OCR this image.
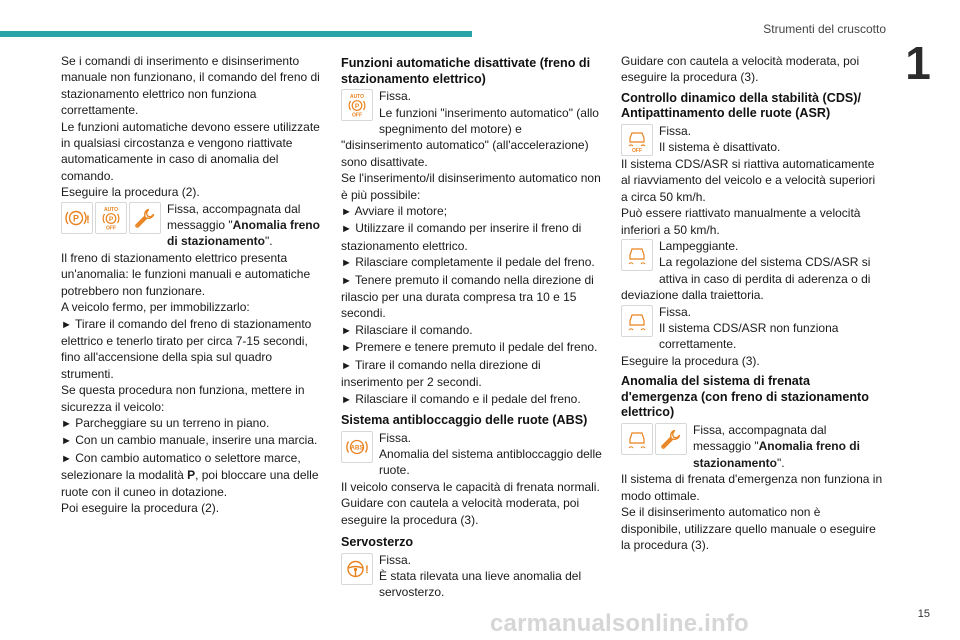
Strumenti del cruscotto
1

Se i comandi di inserimento e disinserimento manuale non funzionano, il comando del freno di stazionamento elettrico non funziona correttamente.

Le funzioni automatiche devono essere utilizzate in qualsiasi circostanza e vengono riattivate automaticamente in caso di anomalia del comando.

Eseguire la procedura (2).

P !
AUTO
P
OFF

Fissa, accompagnata dal messaggio "Anomalia freno di stazionamento".

Il freno di stazionamento elettrico presenta un'anomalia: le funzioni manuali e automatiche potrebbero non funzionare.

A veicolo fermo, per immobilizzarlo:

► Tirare il comando del freno di stazionamento elettrico e tenerlo tirato per circa 7-15 secondi, fino all'accensione della spia sul quadro strumenti.

Se questa procedura non funziona, mettere in sicurezza il veicolo:

► Parcheggiare su un terreno in piano.

► Con un cambio manuale, inserire una marcia.

► Con cambio automatico o selettore marce, selezionare la modalità P, poi bloccare una delle ruote con il cuneo in dotazione.

Poi eseguire la procedura (2).

Funzioni automatiche disattivate (freno di stazionamento elettrico)
AUTO
P
OFF

Fissa.

Le funzioni "inserimento automatico" (allo spegnimento del motore) e "disinserimento automatico" (all'accelerazione) sono disattivate.

Se l'inserimento/il disinserimento automatico non è più possibile:

► Avviare il motore;

► Utilizzare il comando per inserire il freno di stazionamento elettrico.

► Rilasciare completamente il pedale del freno.

► Tenere premuto il comando nella direzione di rilascio per una durata compresa tra 10 e 15 secondi.

► Rilasciare il comando.

► Premere e tenere premuto il pedale del freno.

► Tirare il comando nella direzione di inserimento per 2 secondi.

► Rilasciare il comando e il pedale del freno.

Sistema antibloccaggio delle ruote (ABS)
ABS

Fissa.

Anomalia del sistema antibloccaggio delle ruote.

Il veicolo conserva le capacità di frenata normali.

Guidare con cautela a velocità moderata, poi eseguire la procedura (3).

Servosterzo
!

Fissa.

È stata rilevata una lieve anomalia del servosterzo.

Guidare con cautela a velocità moderata, poi eseguire la procedura (3).

Controllo dinamico della stabilità (CDS)/ Antipattinamento delle ruote (ASR)
OFF

Fissa.

Il sistema è disattivato.

Il sistema CDS/ASR si riattiva automaticamente al riavviamento del veicolo e a velocità superiori a circa 50 km/h.

Può essere riattivato manualmente a velocità inferiori a 50 km/h.

Lampeggiante.

La regolazione del sistema CDS/ASR si attiva in caso di perdita di aderenza o di deviazione dalla traiettoria.

Fissa.

Il sistema CDS/ASR non funziona correttamente.

Eseguire la procedura (3).

Anomalia del sistema di frenata d'emergenza (con freno di stazionamento elettrico)

Fissa, accompagnata dal messaggio "Anomalia freno di stazionamento".

Il sistema di frenata d'emergenza non funziona in modo ottimale.

Se il disinserimento automatico non è disponibile, utilizzare quello manuale o eseguire la procedura (3).

15
carmanualsonline.info
